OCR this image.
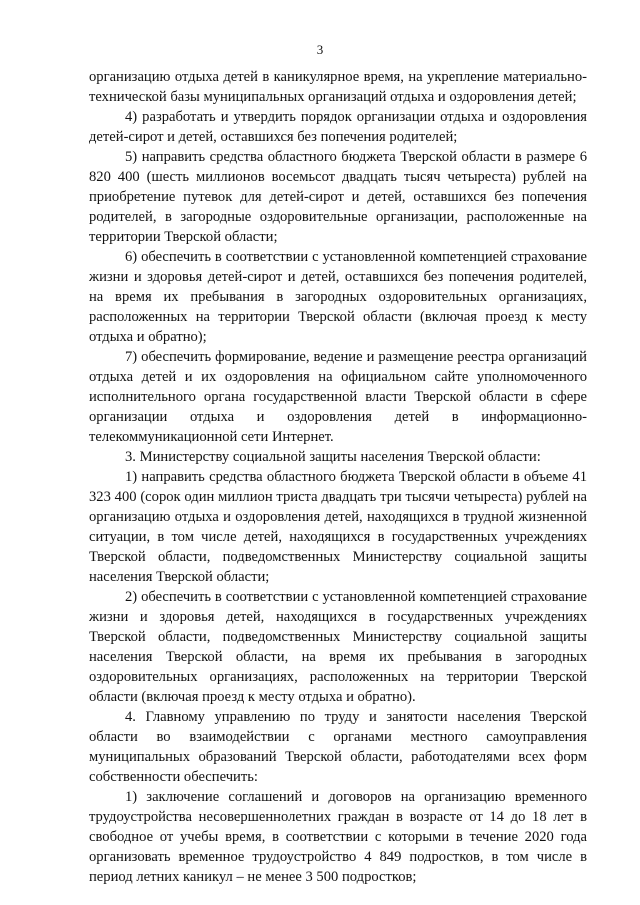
3

организацию отдыха детей в каникулярное время, на укрепление материально-технической базы муниципальных организаций отдыха и оздоровления детей;

4) разработать и утвердить порядок организации отдыха и оздоровления детей-сирот и детей, оставшихся без попечения родителей;

5) направить средства областного бюджета Тверской области в размере 6 820 400 (шесть миллионов восемьсот двадцать тысяч четыреста) рублей на приобретение путевок для детей-сирот и детей, оставшихся без попечения родителей, в загородные оздоровительные организации, расположенные на территории Тверской области;

6) обеспечить в соответствии с установленной компетенцией страхование жизни и здоровья детей-сирот и детей, оставшихся без попечения родителей, на время их пребывания в загородных оздоровительных организациях, расположенных на территории Тверской области (включая проезд к месту отдыха и обратно);

7) обеспечить формирование, ведение и размещение реестра организаций отдыха детей и их оздоровления на официальном сайте уполномоченного исполнительного органа государственной власти Тверской области в сфере организации отдыха и оздоровления детей в информационно-телекоммуникационной сети Интернет.

3. Министерству социальной защиты населения Тверской области:

1) направить средства областного бюджета Тверской области в объеме 41 323 400 (сорок один миллион триста двадцать три тысячи четыреста) рублей на организацию отдыха и оздоровления детей, находящихся в трудной жизненной ситуации, в том числе детей, находящихся в государственных учреждениях Тверской области, подведомственных Министерству социальной защиты населения Тверской области;

2) обеспечить в соответствии с установленной компетенцией страхование жизни и здоровья детей, находящихся в государственных учреждениях Тверской области, подведомственных Министерству социальной защиты населения Тверской области, на время их пребывания в загородных оздоровительных организациях, расположенных на территории Тверской области (включая проезд к месту отдыха и обратно).

4. Главному управлению по труду и занятости населения Тверской области во взаимодействии с органами местного самоуправления муниципальных образований Тверской области, работодателями всех форм собственности обеспечить:

1) заключение соглашений и договоров на организацию временного трудоустройства несовершеннолетних граждан в возрасте от 14 до 18 лет в свободное от учебы время, в соответствии с которыми в течение 2020 года организовать временное трудоустройство 4 849 подростков, в том числе в период летних каникул – не менее 3 500 подростков;
